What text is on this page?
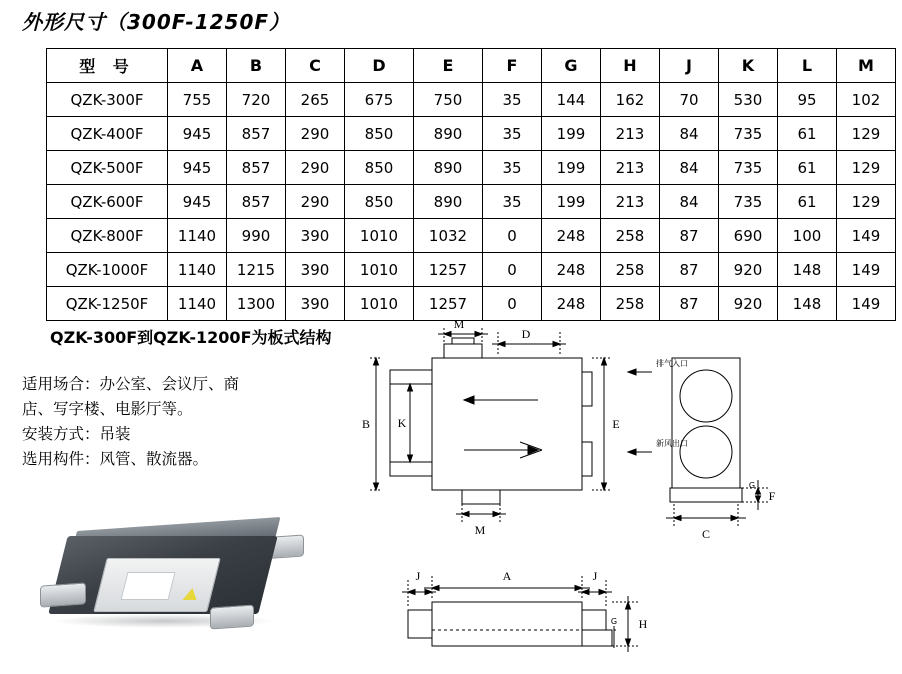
外形尺寸（300F-1250F）
型 号	A	B	C	D	E	F	G	H	J	K	L	M
QZK-300F	755	720	265	675	750	35	144	162	70	530	95	102
QZK-400F	945	857	290	850	890	35	199	213	84	735	61	129
QZK-500F	945	857	290	850	890	35	199	213	84	735	61	129
QZK-600F	945	857	290	850	890	35	199	213	84	735	61	129
QZK-800F	1140	990	390	1010	1032	0	248	258	87	690	100	149
QZK-1000F	1140	1215	390	1010	1257	0	248	258	87	920	148	149
QZK-1250F	1140	1300	390	1010	1257	0	248	258	87	920	148	149
QZK-300F到QZK-1200F为板式结构
适用场合：办公室、会议厅、商
店、写字楼、电影厅等。
安装方式：吊装
选用构件：风管、散流器。
M
D
K
B	E
M	C
F
A
J	J
H
G
G
排气入口
新风出口
